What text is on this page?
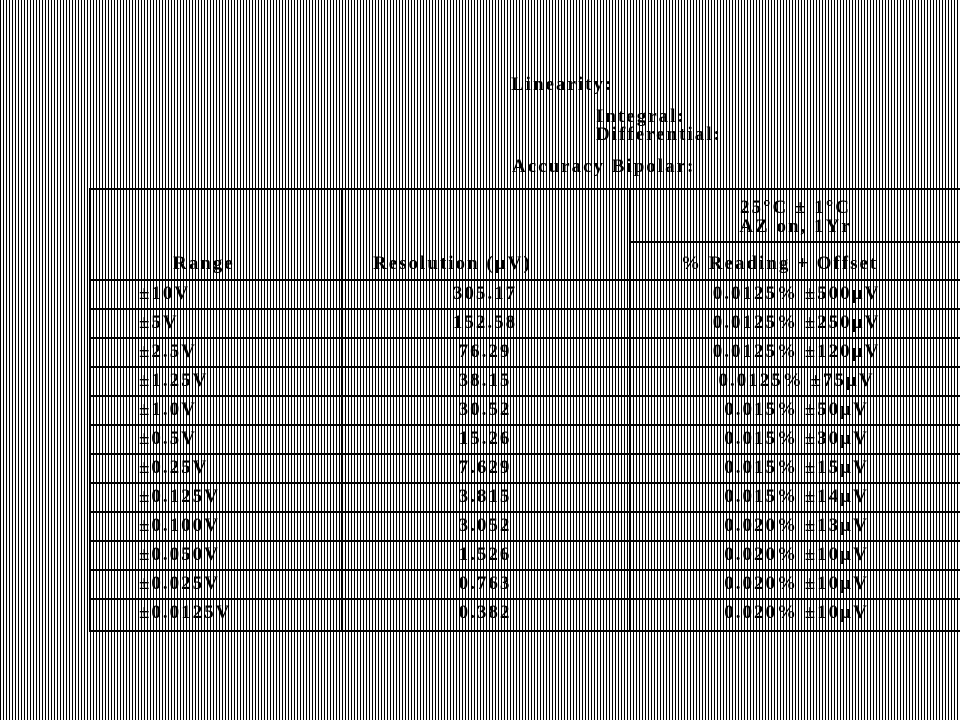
Linearity:
Integral:
Differential:
Accuracy Bipolar:
25°C ± 1°C
AZ on, 1Yr
Range	Resolution (µV)	% Reading + Offset
±10V	305.17	0.0125% ±500µV
±5V	152.58	0.0125% ±250µV
±2.5V	76.29	0.0125% ±120µV
±1.25V	38.15	0.0125% ±75µV
±1.0V	30.52	0.015% ±50µV
±0.5V	15.26	0.015% ±30µV
±0.25V	7.629	0.015% ±15µV
±0.125V	3.815	0.015% ±14µV
±0.100V	3.052	0.020% ±13µV
±0.050V	1.526	0.020% ±10µV
±0.025V	0.763	0.020% ±10µV
±0.0125V	0.382	0.020% ±10µV
